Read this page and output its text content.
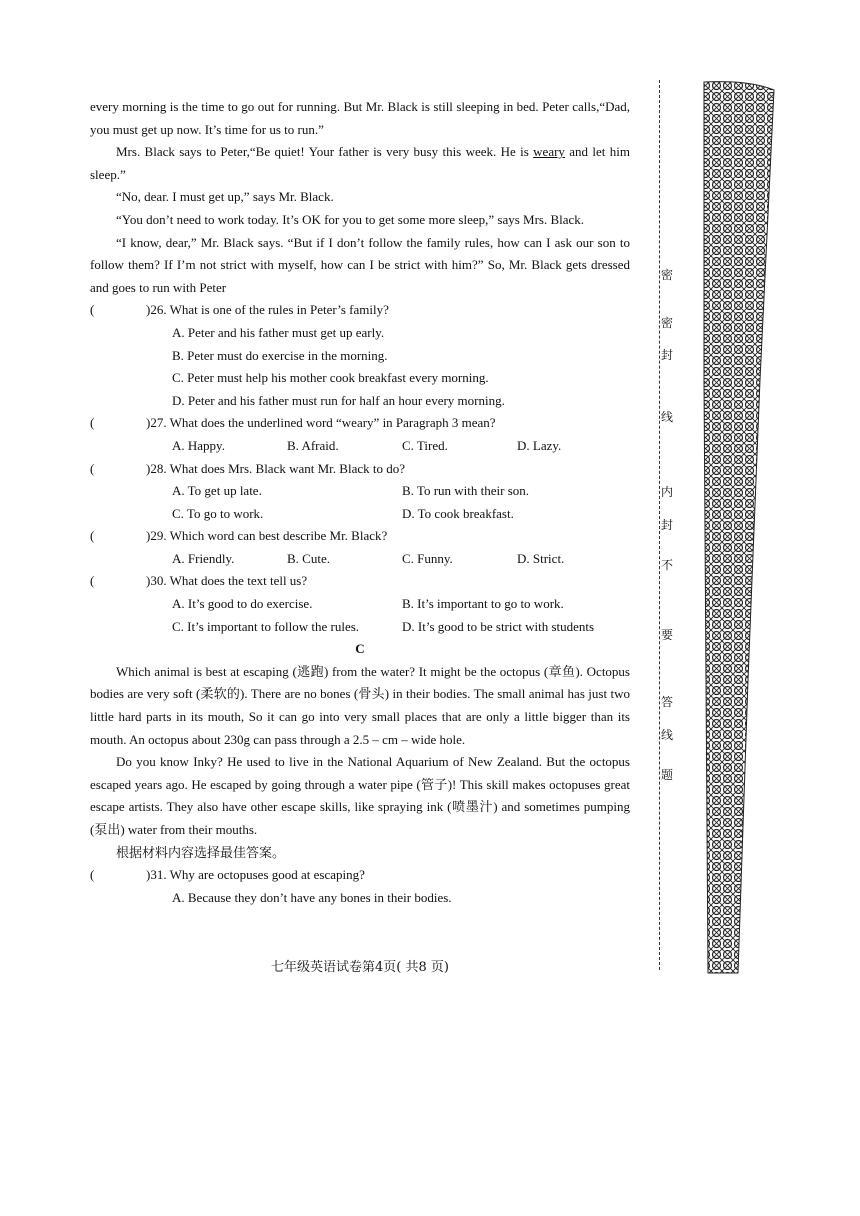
every morning is the time to go out for running. But Mr. Black is still sleeping in bed. Peter calls,“Dad, you must get up now. It’s time for us to run.”

Mrs. Black says to Peter,“Be quiet! Your father is very busy this week. He is weary and let him sleep.”

“No, dear. I must get up,” says Mr. Black.

“You don’t need to work today. It’s OK for you to get some more sleep,” says Mrs. Black.

“I know, dear,” Mr. Black says. “But if I don’t follow the family rules, how can I ask our son to follow them? If I’m not strict with myself, how can I be strict with him?” So, Mr. Black gets dressed and goes to run with Peter

(	)26. What is one of the rules in Peter’s family?

A. Peter and his father must get up early.

B. Peter must do exercise in the morning.

C. Peter must help his mother cook breakfast every morning.

D. Peter and his father must run for half an hour every morning.

(	)27. What does the underlined word “weary” in Paragraph 3 mean?
A. Happy.	B. Afraid.	C. Tired.	D. Lazy.
(	)28. What does Mrs. Black want Mr. Black to do?
A. To get up late.	B. To run with their son.
C. To go to work.	D. To cook breakfast.
(	)29. Which word can best describe Mr. Black?
A. Friendly.	B. Cute.	C. Funny.	D. Strict.
(	)30. What does the text tell us?
A. It’s good to do exercise.	B. It’s important to go to work.
C. It’s important to follow the rules.	D. It’s good to be strict with students

C

Which animal is best at escaping (逃跑) from the water? It might be the octopus (章鱼). Octopus bodies are very soft (柔软的). There are no bones (骨头) in their bodies. The small animal has just two little hard parts in its mouth, So it can go into very small places that are only a little bigger than its mouth. An octopus about 230g can pass through a 2.5 – cm – wide hole.

Do you know Inky? He used to live in the National Aquarium of New Zealand. But the octopus escaped years ago. He escaped by going through a water pipe (管子)! This skill makes octopuses great escape artists. They also have other escape skills, like spraying ink (喷墨汁) and sometimes pumping (泵出) water from their mouths.

根据材料内容选择最佳答案。

(	)31. Why are octopuses good at escaping?

A. Because they don’t have any bones in their bodies.

七年级英语试卷第4页( 共8 页)
密
密
封
线
内
封
不
要
答
线
题
